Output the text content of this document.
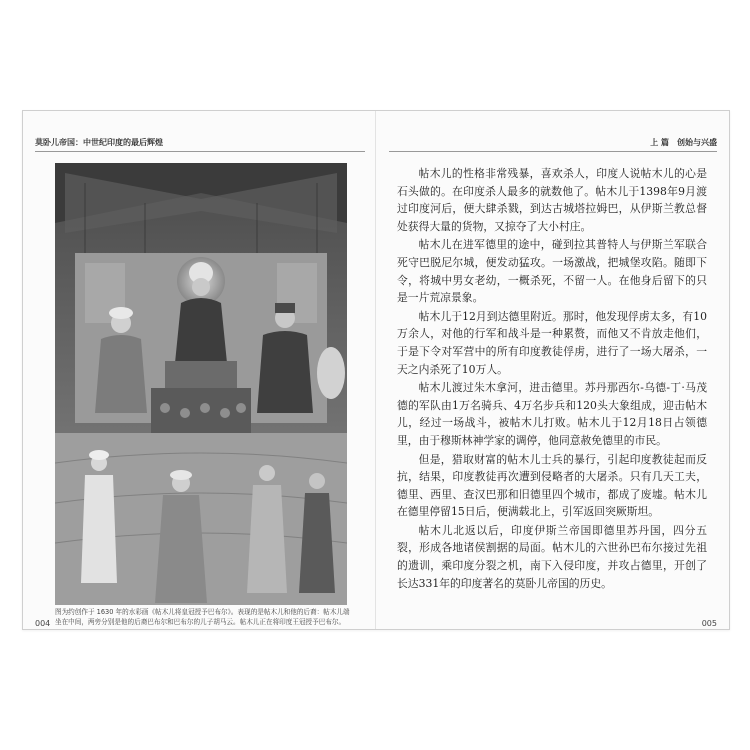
莫卧儿帝国：中世纪印度的最后辉煌	上 篇　创始与兴盛
图为约创作于 1630 年的水彩画《帖木儿将皇冠授予巴布尔》。表现的是帖木儿和他的后裔：帖木儿端坐在中间，两旁分别是他的后裔巴布尔和巴布尔的儿子胡马云。帖木儿正在将印度王冠授予巴布尔。

帖木儿的性格非常残暴，喜欢杀人，印度人说帖木儿的心是石头做的。在印度杀人最多的就数他了。帖木儿于1398年9月渡过印度河后，便大肆杀戮，到达古城塔拉姆巴，从伊斯兰教总督处获得大量的货物，又掠夺了大小村庄。

帖木儿在进军德里的途中，碰到拉其普特人与伊斯兰军联合死守巴脱尼尔城，便发动猛攻。一场激战，把城堡攻陷。随即下令，将城中男女老幼，一概杀死，不留一人。在他身后留下的只是一片荒凉景象。

帖木儿于12月到达德里附近。那时，他发现俘虏太多，有10万余人，对他的行军和战斗是一种累赘，而他又不肯放走他们，于是下令对军营中的所有印度教徒俘虏，进行了一场大屠杀，一天之内杀死了10万人。

帖木儿渡过朱木拿河，进击德里。苏丹那西尔-乌德-丁·马茂德的军队由1万名骑兵、4万名步兵和120头大象组成，迎击帖木儿，经过一场战斗，被帖木儿打败。帖木儿于12月18日占领德里，由于穆斯林神学家的调停，他同意赦免德里的市民。

但是，猎取财富的帖木儿士兵的暴行，引起印度教徒起而反抗，结果，印度教徒再次遭到侵略者的大屠杀。只有几天工夫，德里、西里、查汉巴那和旧德里四个城市，都成了废墟。帖木儿在德里停留15日后，便满载北上，引军返回突厥斯坦。

帖木儿北返以后，印度伊斯兰帝国即德里苏丹国，四分五裂，形成各地诸侯割据的局面。帖木儿的六世孙巴布尔接过先祖的遗训，乘印度分裂之机，南下入侵印度，并攻占德里，开创了长达331年的印度著名的莫卧儿帝国的历史。

004	005
